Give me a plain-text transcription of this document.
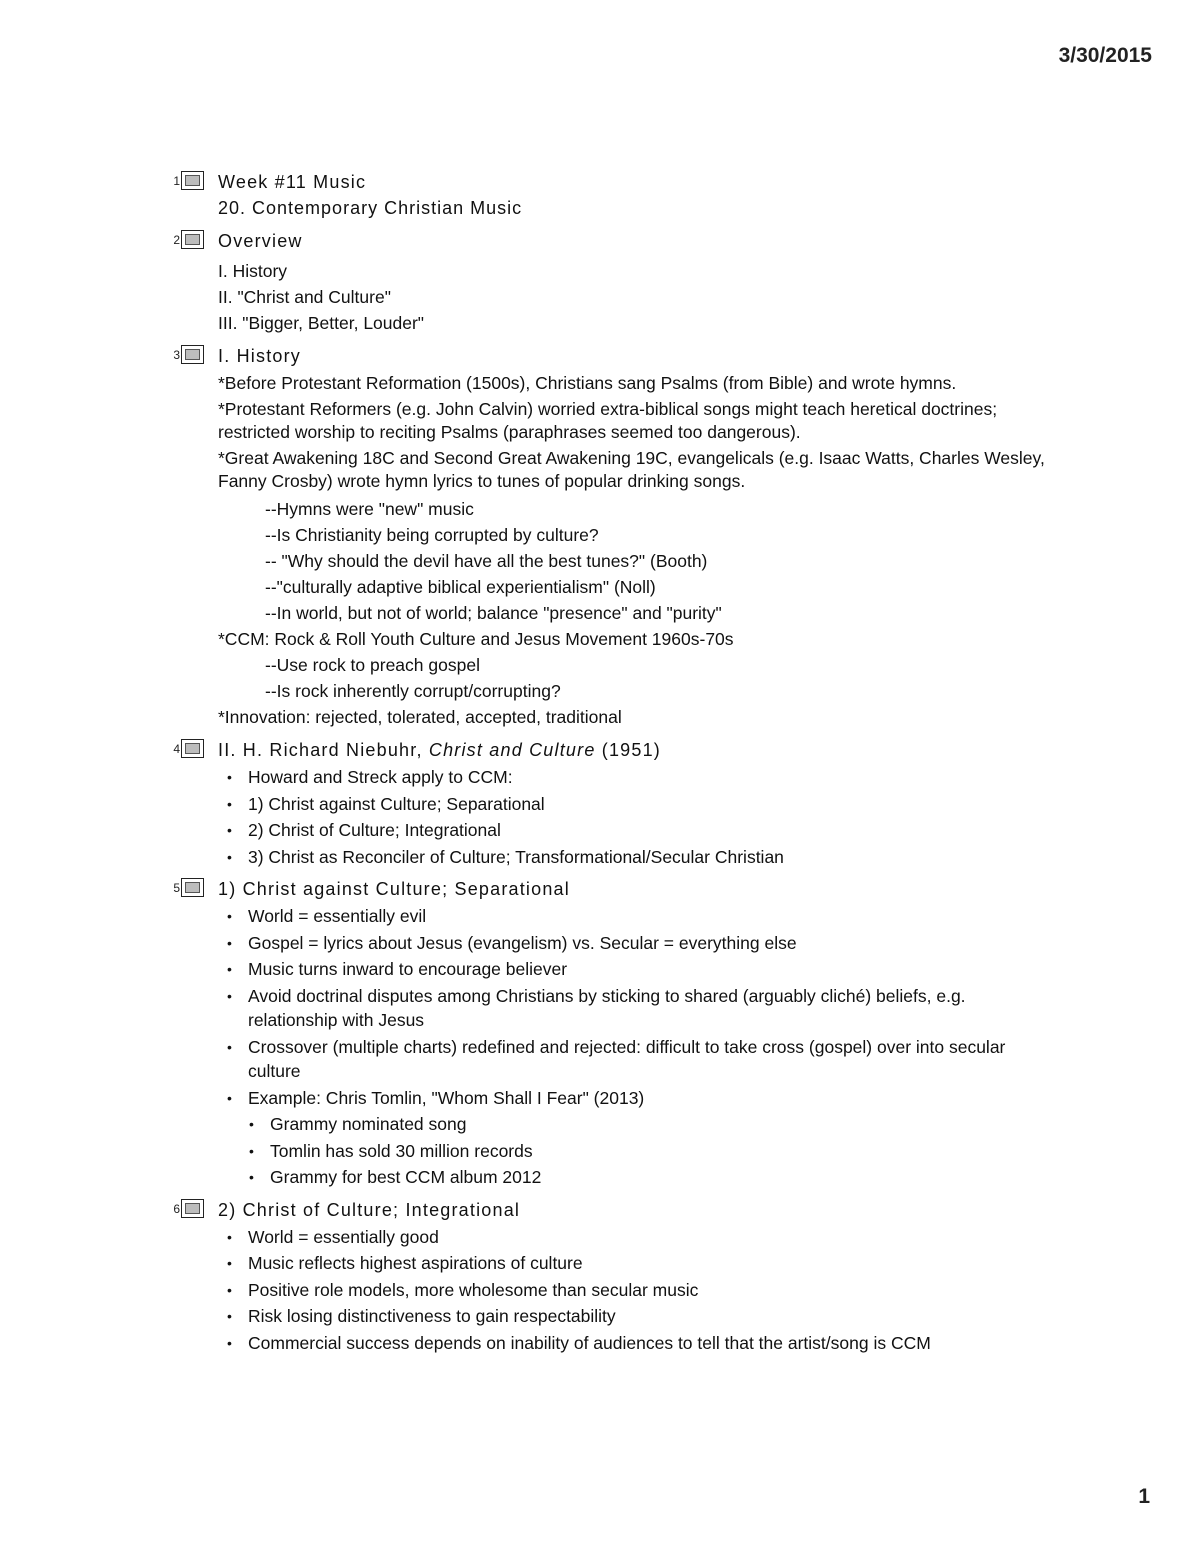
3/30/2015
1 Week #11 Music
20. Contemporary Christian Music
2 Overview
I. History
II. "Christ and Culture"
III. "Bigger, Better, Louder"
3 I. History
*Before Protestant Reformation (1500s), Christians sang Psalms (from Bible) and wrote hymns.
*Protestant Reformers (e.g. John Calvin) worried extra-biblical songs might teach heretical doctrines; restricted worship to reciting Psalms (paraphrases seemed too dangerous).
*Great Awakening 18C and Second Great Awakening 19C, evangelicals (e.g. Isaac Watts, Charles Wesley, Fanny Crosby) wrote hymn lyrics to tunes of popular drinking songs.
--Hymns were "new" music
--Is Christianity being corrupted by culture?
-- "Why should the devil have all the best tunes?" (Booth)
--"culturally adaptive biblical experientialism" (Noll)
--In world, but not of world; balance "presence" and "purity"
*CCM: Rock & Roll Youth Culture and Jesus Movement 1960s-70s
--Use rock to preach gospel
--Is rock inherently corrupt/corrupting?
*Innovation: rejected, tolerated, accepted, traditional
4 II. H. Richard Niebuhr, Christ and Culture (1951)
• Howard and Streck apply to CCM:
• 1) Christ against Culture; Separational
• 2) Christ of Culture; Integrational
• 3) Christ as Reconciler of Culture; Transformational/Secular Christian
5 1) Christ against Culture; Separational
• World = essentially evil
• Gospel = lyrics about Jesus (evangelism) vs. Secular = everything else
• Music turns inward to encourage believer
• Avoid doctrinal disputes among Christians by sticking to shared (arguably cliché) beliefs, e.g. relationship with Jesus
• Crossover (multiple charts) redefined and rejected: difficult to take cross (gospel) over into secular culture
• Example: Chris Tomlin, "Whom Shall I Fear" (2013)
• Grammy nominated song
• Tomlin has sold 30 million records
• Grammy for best CCM album 2012
6 2) Christ of Culture; Integrational
• World = essentially good
• Music reflects highest aspirations of culture
• Positive role models, more wholesome than secular music
• Risk losing distinctiveness to gain respectability
• Commercial success depends on inability of audiences to tell that the artist/song is CCM
1
